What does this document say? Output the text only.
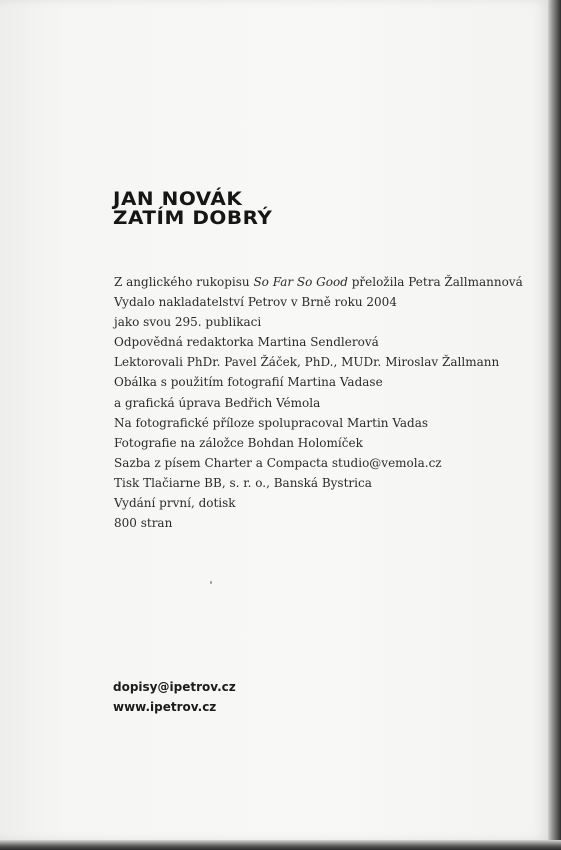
JAN NOVÁK
ZATÍM DOBRÝ
Z anglického rukopisu So Far So Good přeložila Petra Žallmannová
Vydalo nakladatelství Petrov v Brně roku 2004
jako svou 295. publikaci
Odpovědná redaktorka Martina Sendlerová
Lektorovali PhDr. Pavel Žáček, PhD., MUDr. Miroslav Žallmann
Obálka s použitím fotografií Martina Vadase
a grafická úprava Bedřich Vémola
Na fotografické příloze spolupracoval Martin Vadas
Fotografie na záložce Bohdan Holomíček
Sazba z písem Charter a Compacta studio@vemola.cz
Tisk Tlačiarne BB, s. r. o., Banská Bystrica
Vydání první, dotisk
800 stran
dopisy@ipetrov.cz
www.ipetrov.cz
